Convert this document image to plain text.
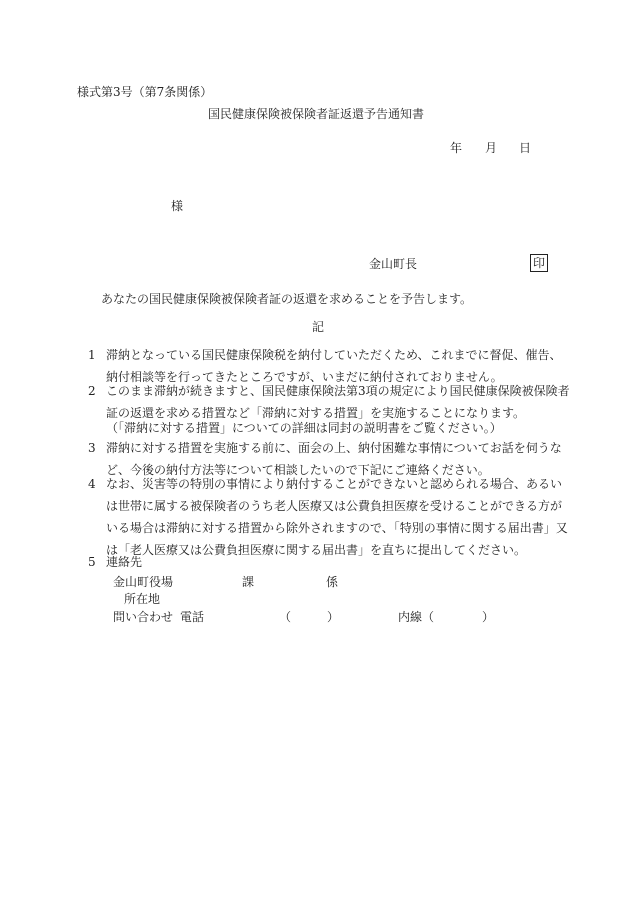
様式第3号（第7条関係）
国民健康保険被保険者証返還予告通知書
年 月 日
様
金山町長	印
あなたの国民健康保険被保険者証の返還を求めることを予告します。
記
1 滞納となっている国民健康保険税を納付していただくため、これまでに督促、催告、納付相談等を行ってきたところですが、いまだに納付されておりません。
2 このまま滞納が続きますと、国民健康保険法第3項の規定により国民健康保険被保険者証の返還を求める措置など「滞納に対する措置」を実施することになります。
（「滞納に対する措置」についての詳細は同封の説明書をご覧ください。）
3 滞納に対する措置を実施する前に、面会の上、納付困難な事情についてお話を伺うなど、今後の納付方法等について相談したいので下記にご連絡ください。
4 なお、災害等の特別の事情により納付することができないと認められる場合、あるいは世帯に属する被保険者のうち老人医療又は公費負担医療を受けることができる方がいる場合は滞納に対する措置から除外されますので、「特別の事情に関する届出書」又は「老人医療又は公費負担医療に関する届出書」を直ちに提出してください。
5 連絡先
金山町役場	課	係
所在地
問い合わせ 電話	（　　　）	内線（　　　　）
